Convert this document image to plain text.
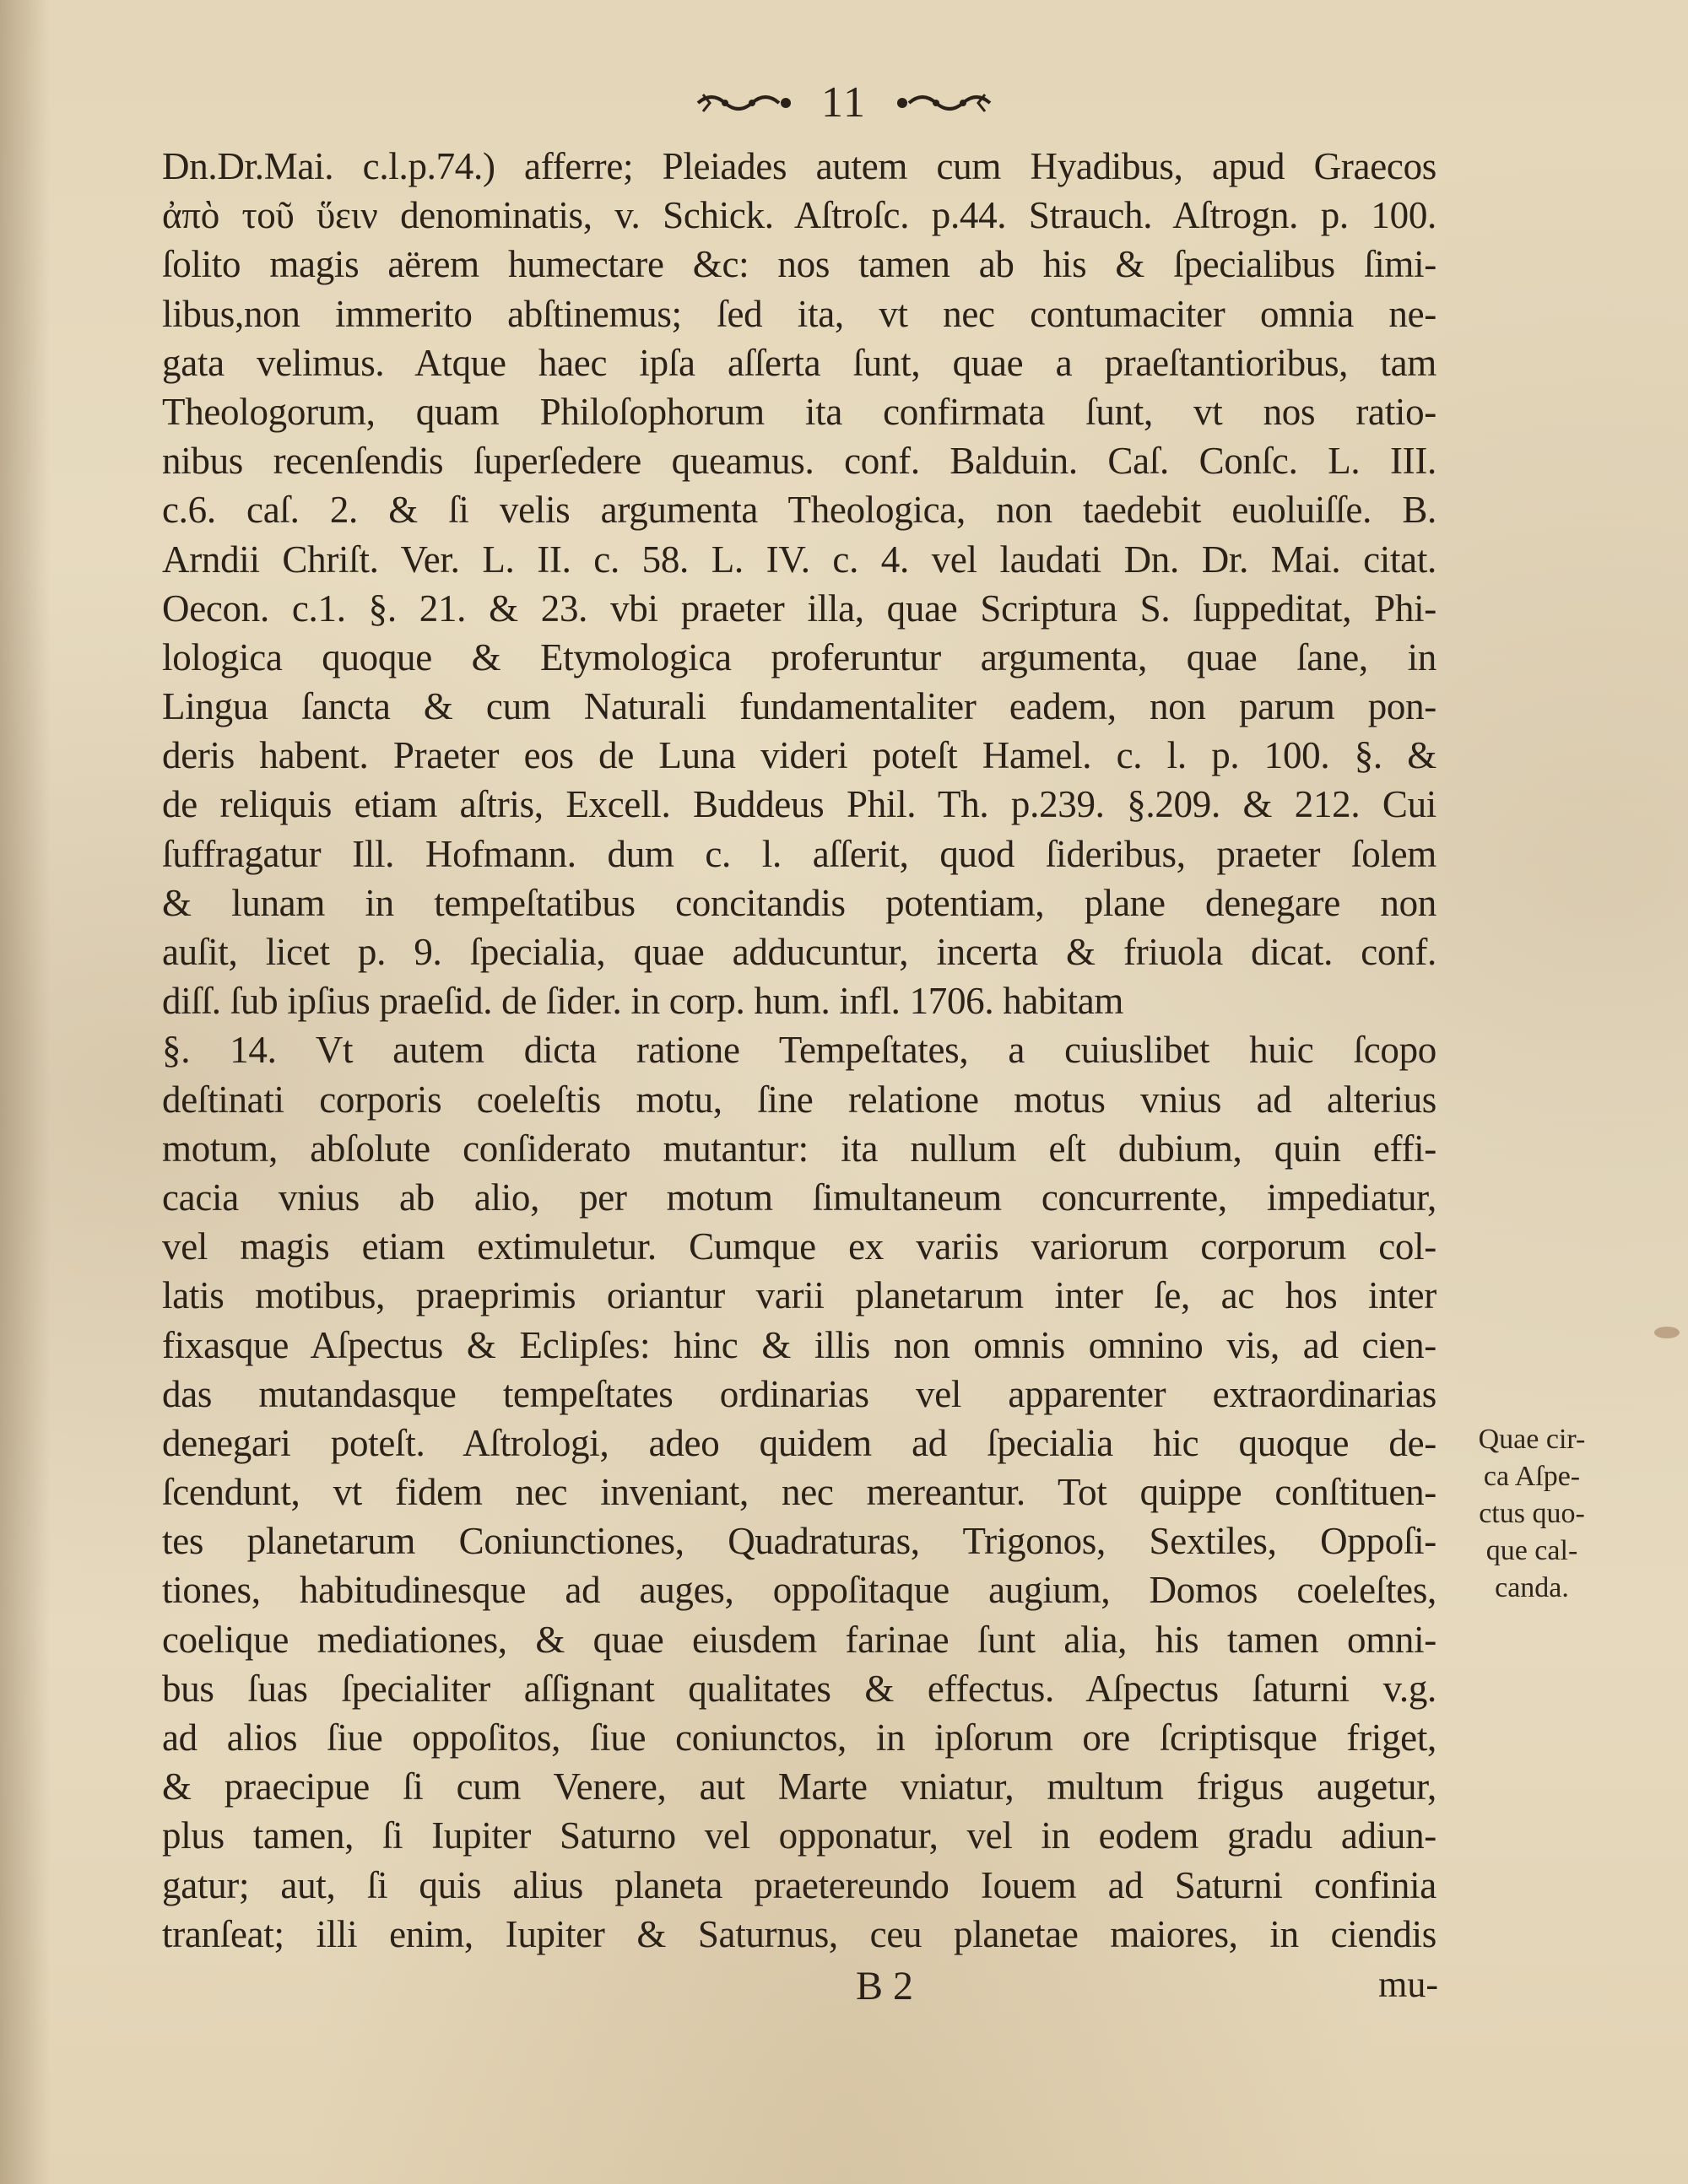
11
Dn.Dr.Mai. c.l.p.74.) afferre; Pleiades autem cum Hyadibus, apud Graecos
ἀπὸ τοῦ ὕειν denominatis, v. Schick. Aſtroſc. p.44. Strauch. Aſtrogn. p. 100.
ſolito magis aërem humectare &c: nos tamen ab his & ſpecialibus ſimi-
libus,non immerito abſtinemus; ſed ita, vt nec contumaciter omnia ne-
gata velimus. Atque haec ipſa aſſerta ſunt, quae a praeſtantioribus, tam
Theologorum, quam Philoſophorum ita confirmata ſunt, vt nos ratio-
nibus recenſendis ſuperſedere queamus. conf. Balduin. Caſ. Conſc. L. III.
c.6. caſ. 2. & ſi velis argumenta Theologica, non taedebit euoluiſſe. B.
Arndii Chriſt. Ver. L. II. c. 58. L. IV. c. 4. vel laudati Dn. Dr. Mai. citat.
Oecon. c.1. §. 21. & 23. vbi praeter illa, quae Scriptura S. ſuppeditat, Phi-
lologica quoque & Etymologica proferuntur argumenta, quae ſane, in
Lingua ſancta & cum Naturali fundamentaliter eadem, non parum pon-
deris habent. Praeter eos de Luna videri poteſt Hamel. c. l. p. 100. §. &
de reliquis etiam aſtris, Excell. Buddeus Phil. Th. p.239. §.209. & 212. Cui
ſuffragatur Ill. Hofmann. dum c. l. aſſerit, quod ſideribus, praeter ſolem
& lunam in tempeſtatibus concitandis potentiam, plane denegare non
auſit, licet p. 9. ſpecialia, quae adducuntur, incerta & friuola dicat. conf.
diſſ. ſub ipſius praeſid. de ſider. in corp. hum. infl. 1706. habitam
§. 14. Vt autem dicta ratione Tempeſtates, a cuiuslibet huic ſcopo
deſtinati corporis coeleſtis motu, ſine relatione motus vnius ad alterius
motum, abſolute conſiderato mutantur: ita nullum eſt dubium, quin effi-
cacia vnius ab alio, per motum ſimultaneum concurrente, impediatur,
vel magis etiam extimuletur. Cumque ex variis variorum corporum col-
latis motibus, praeprimis oriantur varii planetarum inter ſe, ac hos inter
fixasque Aſpectus & Eclipſes: hinc & illis non omnis omnino vis, ad cien-
das mutandasque tempeſtates ordinarias vel apparenter extraordinarias
denegari poteſt. Aſtrologi, adeo quidem ad ſpecialia hic quoque de-
ſcendunt, vt fidem nec inveniant, nec mereantur. Tot quippe conſtituen-
tes planetarum Coniunctiones, Quadraturas, Trigonos, Sextiles, Oppoſi-
tiones, habitudinesque ad auges, oppoſitaque augium, Domos coeleſtes,
coelique mediationes, & quae eiusdem farinae ſunt alia, his tamen omni-
bus ſuas ſpecialiter aſſignant qualitates & effectus. Aſpectus ſaturni v.g.
ad alios ſiue oppoſitos, ſiue coniunctos, in ipſorum ore ſcriptisque friget,
& praecipue ſi cum Venere, aut Marte vniatur, multum frigus augetur,
plus tamen, ſi Iupiter Saturno vel opponatur, vel in eodem gradu adiun-
gatur; aut, ſi quis alius planeta praetereundo Iouem ad Saturni confinia
tranſeat; illi enim, Iupiter & Saturnus, ceu planetae maiores, in ciendis
Quae cir-
ca Aſpe-
ctus quo-
que cal-
canda.
B 2	mu-
